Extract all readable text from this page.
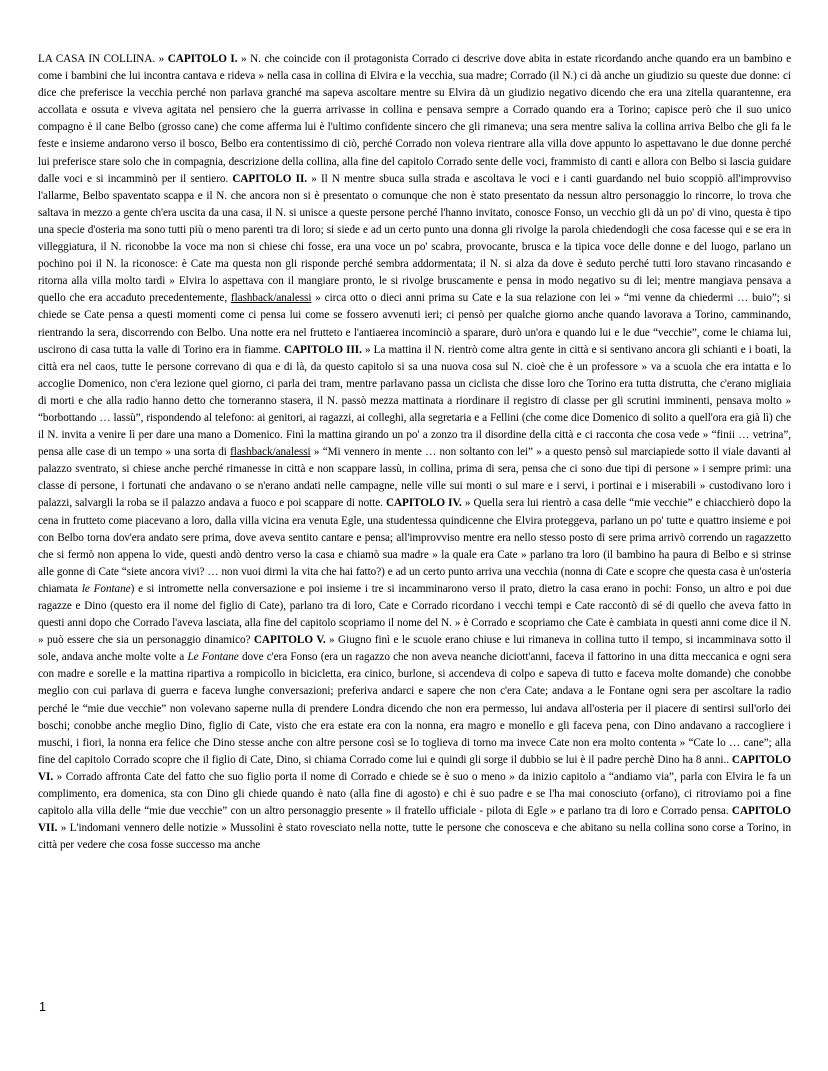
LA CASA IN COLLINA. » CAPITOLO I. » N. che coincide con il protagonista Corrado ci descrive dove abita in estate ricordando anche quando era un bambino e come i bambini che lui incontra cantava e rideva » nella casa in collina di Elvira e la vecchia, sua madre; Corrado (il N.) ci dà anche un giudizio su queste due donne: ci dice che preferisce la vecchia perché non parlava granché ma sapeva ascoltare mentre su Elvira dà un giudizio negativo dicendo che era una zitella quarantenne, era accollata e ossuta e viveva agitata nel pensiero che la guerra arrivasse in collina e pensava sempre a Corrado quando era a Torino; capisce però che il suo unico compagno è il cane Belbo (grosso cane) che come afferma lui è l'ultimo confidente sincero che gli rimaneva; una sera mentre saliva la collina arriva Belbo che gli fa le feste e insieme andarono verso il bosco, Belbo era contentissimo di ciò, perché Corrado non voleva rientrare alla villa dove appunto lo aspettavano le due donne perché lui preferisce stare solo che in compagnia, descrizione della collina, alla fine del capitolo Corrado sente delle voci, frammisto di canti e allora con Belbo si lascia guidare dalle voci e si incamminò per il sentiero. CAPITOLO II. » Il N mentre sbuca sulla strada e ascoltava le voci e i canti guardando nel buio scoppiò all'improvviso l'allarme, Belbo spaventato scappa e il N. che ancora non si è presentato o comunque che non è stato presentato da nessun altro personaggio lo rincorre, lo trova che saltava in mezzo a gente ch'era uscita da una casa, il N. si unisce a queste persone perché l'hanno invitato, conosce Fonso, un vecchio gli dà un po' di vino, questa è tipo una specie d'osteria ma sono tutti più o meno parenti tra di loro; si siede e ad un certo punto una donna gli rivolge la parola chiedendogli che cosa facesse qui e se era in villeggiatura, il N. riconobbe la voce ma non si chiese chi fosse, era una voce un po' scabra, provocante, brusca e la tipica voce delle donne e del luogo, parlano un pochino poi il N. la riconosce: è Cate ma questa non gli risponde perché sembra addormentata; il N. si alza da dove è seduto perché tutti loro stavano rincasando e ritorna alla villa molto tardi » Elvira lo aspettava con il mangiare pronto, le si rivolge bruscamente e pensa in modo negativo su di lei; mentre mangiava pensava a quello che era accaduto precedentemente, flashback/analessi » circa otto o dieci anni prima su Cate e la sua relazione con lei » “mi venne da chiedermi … buio”; si chiede se Cate pensa a questi momenti come ci pensa lui come se fossero avvenuti ieri; ci pensò per qualche giorno anche quando lavorava a Torino, camminando, rientrando la sera, discorrendo con Belbo. Una notte era nel frutteto e l'antiaerea incominciò a sparare, durò un'ora e quando lui e le due “vecchie”, come le chiama lui, uscirono di casa tutta la valle di Torino era in fiamme. CAPITOLO III. » La mattina il N. rientrò come altra gente in città e si sentivano ancora gli schianti e i boati, la città era nel caos, tutte le persone correvano di qua e di là, da questo capitolo si sa una nuova cosa sul N. cioè che è un professore » va a scuola che era intatta e lo accoglie Domenico, non c'era lezione quel giorno, ci parla dei tram, mentre parlavano passa un ciclista che disse loro che Torino era tutta distrutta, che c'erano migliaia di morti e che alla radio hanno detto che torneranno stasera, il N. passò mezza mattinata a riordinare il registro di classe per gli scrutini imminenti, pensava molto » “borbottando … lassù”, rispondendo al telefono: ai genitori, ai ragazzi, ai colleghi, alla segretaria e a Fellini (che come dice Domenico di solito a quell'ora era già lì) che il N. invita a venire lì per dare una mano a Domenico. Finì la mattina girando un po' a zonzo tra il disordine della città e ci racconta che cosa vede » “finii … vetrina”, pensa alle case di un tempo » una sorta di flashback/analessi » “Mi vennero in mente … non soltanto con lei” » a questo pensò sul marciapiede sotto il viale davanti al palazzo sventrato, si chiese anche perché rimanesse in città e non scappare lassù, in collina, prima di sera, pensa che ci sono due tipi di persone » i sempre primi: una classe di persone, i fortunati che andavano o se n'erano andati nelle campagne, nelle ville sui monti o sul mare e i servi, i portinai e i miserabili » custodivano loro i palazzi, salvargli la roba se il palazzo andava a fuoco e poi scappare di notte. CAPITOLO IV. » Quella sera lui rientrò a casa delle “mie vecchie” e chiacchierò dopo la cena in frutteto come piacevano a loro, dalla villa vicina era venuta Egle, una studentessa quindicenne che Elvira proteggeva, parlano un po' tutte e quattro insieme e poi con Belbo torna dov'era andato sere prima, dove aveva sentito cantare e pensa; all'improvviso mentre era nello stesso posto di sere prima arrivò correndo un ragazzetto che si fermò non appena lo vide, questi andò dentro verso la casa e chiamò sua madre » la quale era Cate » parlano tra loro (il bambino ha paura di Belbo e si strinse alle gonne di Cate “siete ancora vivi? … non vuoi dirmi la vita che hai fatto?) e ad un certo punto arriva una vecchia (nonna di Cate e scopre che questa casa è un'osteria chiamata le Fontane) e si intromette nella conversazione e poi insieme i tre si incamminarono verso il prato, dietro la casa erano in pochi: Fonso, un altro e poi due ragazze e Dino (questo era il nome del figlio di Cate), parlano tra di loro, Cate e Corrado ricordano i vecchi tempi e Cate raccontò di sé di quello che aveva fatto in questi anni dopo che Corrado l'aveva lasciata, alla fine del capitolo scopriamo il nome del N. » è Corrado e scopriamo che Cate è cambiata in questi anni come dice il N. » può essere che sia un personaggio dinamico? CAPITOLO V. » Giugno finì e le scuole erano chiuse e lui rimaneva in collina tutto il tempo, si incamminava sotto il sole, andava anche molte volte a Le Fontane dove c'era Fonso (era un ragazzo che non aveva neanche diciott'anni, faceva il fattorino in una ditta meccanica e ogni sera con madre e sorelle e la mattina ripartiva a rompicollo in bicicletta, era cinico, burlone, si accendeva di colpo e sapeva di tutto e faceva molte domande) che conobbe meglio con cui parlava di guerra e faceva lunghe conversazioni; preferiva andarci e sapere che non c'era Cate; andava a le Fontane ogni sera per ascoltare la radio perché le “mie due vecchie” non volevano saperne nulla di prendere Londra dicendo che non era permesso, lui andava all'osteria per il piacere di sentirsi sull'orlo dei boschi; conobbe anche meglio Dino, figlio di Cate, visto che era estate era con la nonna, era magro e monello e gli faceva pena, con Dino andavano a raccogliere i muschi, i fiori, la nonna era felice che Dino stesse anche con altre persone così se lo toglieva di torno ma invece Cate non era molto contenta » “Cate lo … cane”; alla fine del capitolo Corrado scopre che il figlio di Cate, Dino, si chiama Corrado come lui e quindi gli sorge il dubbio se lui è il padre perchè Dino ha 8 anni.. CAPITOLO VI. » Corrado affronta Cate del fatto che suo figlio porta il nome di Corrado e chiede se è suo o meno » da inizio capitolo a “andiamo via”, parla con Elvira le fa un complimento, era domenica, sta con Dino gli chiede quando è nato (alla fine di agosto) e chi è suo padre e se l'ha mai conosciuto (orfano), ci ritroviamo poi a fine capitolo alla villa delle “mie due vecchie” con un altro personaggio presente » il fratello ufficiale - pilota di Egle » e parlano tra di loro e Corrado pensa. CAPITOLO VII. » L'indomani vennero delle notizie » Mussolini è stato rovesciato nella notte, tutte le persone che conosceva e che abitano su nella collina sono corse a Torino, in città per vedere che cosa fosse successo ma anche
1
